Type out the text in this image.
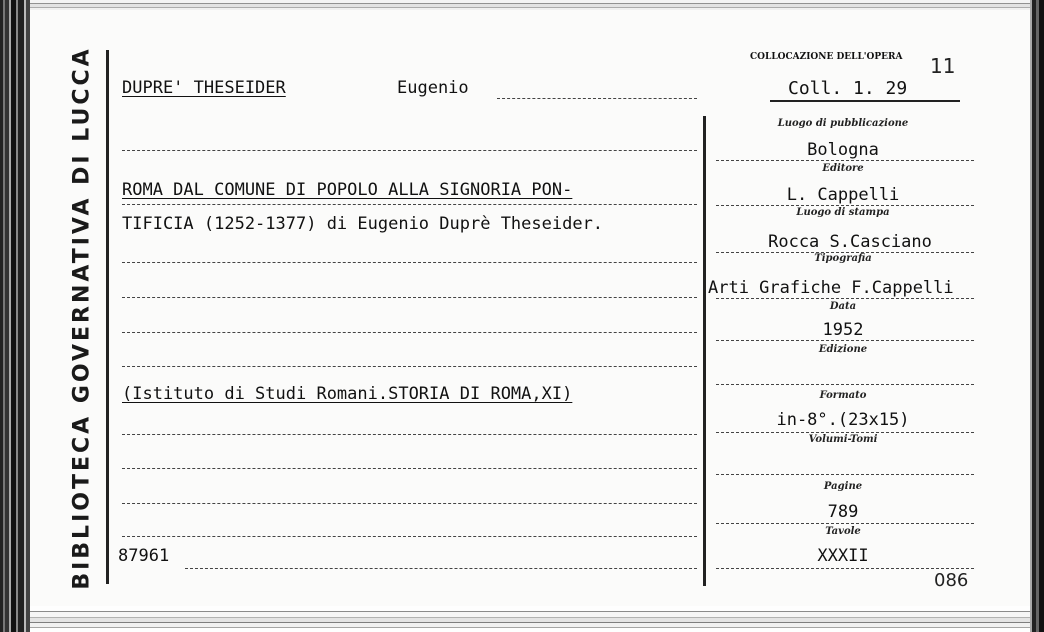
BIBLIOTECA GOVERNATIVA DI LUCCA DUPRE' THESEIDER	Eugenio
COLLOCAZIONE DELL'OPERA 11
Coll. 1. 29
ROMA DAL COMUNE DI POPOLO ALLA SIGNORIA PON-
TIFICIA (1252-1377) di Eugenio Duprè Theseider.
(Istituto di Studi Romani.STORIA DI ROMA,XI)
87961
Luogo di pubblicazione
Bologna
Editore
L. Cappelli
Luogo di stampa
Rocca S.Casciano
Tipografia
Arti Grafiche F.Cappelli
Data
1952
Edizione
Formato
in-8°.(23x15)
Volumi-Tomi
Pagine
789
Tavole
XXXII
086
